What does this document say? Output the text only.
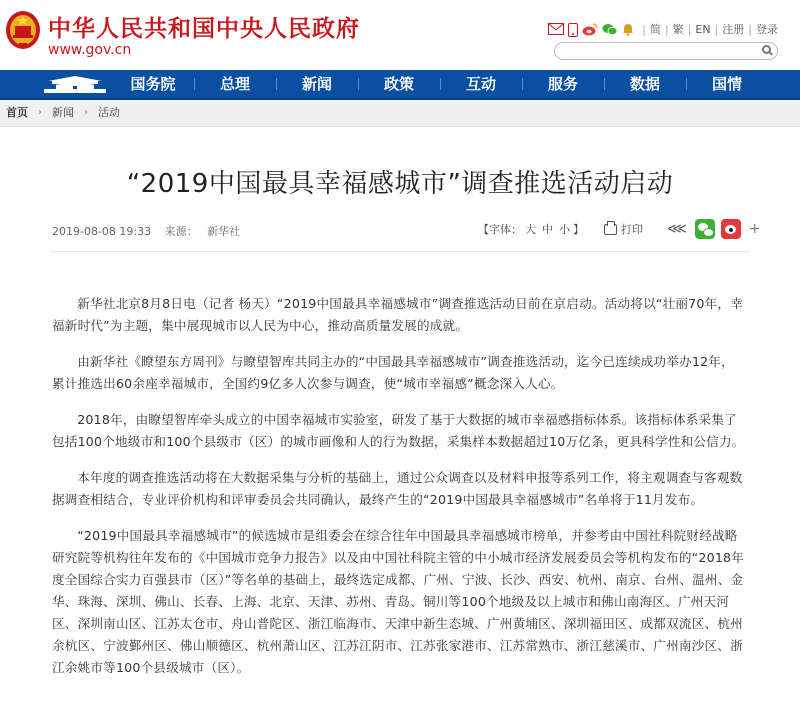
中华人民共和国中央人民政府
www.gov.cn
| 简 | 繁 | EN | 注册 | 登录
国务院	总理	新闻	政策	互动	服务	数据	国情
首页 › 新闻 › 活动
“2019中国最具幸福感城市”调查推选活动启动
2019-08-08 19:33 来源： 新华社	【字体： 大 中 小 】	打印 ⋘	+

新华社北京8月8日电（记者 杨天）“2019中国最具幸福感城市”调查推选活动日前在京启动。活动将以“壮丽70年，幸福新时代”为主题，集中展现城市以人民为中心，推动高质量发展的成就。

由新华社《瞭望东方周刊》与瞭望智库共同主办的“中国最具幸福感城市”调查推选活动，迄今已连续成功举办12年，累计推选出60余座幸福城市，全国约9亿多人次参与调查，使“城市幸福感”概念深入人心。

2018年，由瞭望智库牵头成立的中国幸福城市实验室，研发了基于大数据的城市幸福感指标体系。该指标体系采集了包括100个地级市和100个县级市（区）的城市画像和人的行为数据，采集样本数据超过10万亿条，更具科学性和公信力。

本年度的调查推选活动将在大数据采集与分析的基础上，通过公众调查以及材料申报等系列工作，将主观调查与客观数据调查相结合，专业评价机构和评审委员会共同确认，最终产生的“2019中国最具幸福感城市”名单将于11月发布。

“2019中国最具幸福感城市”的候选城市是组委会在综合往年中国最具幸福感城市榜单，并参考由中国社科院财经战略研究院等机构往年发布的《中国城市竞争力报告》以及由中国社科院主管的中小城市经济发展委员会等机构发布的“2018年度全国综合实力百强县市（区）”等名单的基础上，最终选定成都、广州、宁波、长沙、西安、杭州、南京、台州、温州、金华、珠海、深圳、佛山、长春、上海、北京、天津、苏州、青岛、铜川等100个地级及以上城市和佛山南海区、广州天河区、深圳南山区、江苏太仓市、舟山普陀区、浙江临海市、天津中新生态城、广州黄埔区、深圳福田区、成都双流区、杭州余杭区、宁波鄞州区、佛山顺德区、杭州萧山区、江苏江阴市、江苏张家港市、江苏常熟市、浙江慈溪市、广州南沙区、浙江余姚市等100个县级城市（区）。
